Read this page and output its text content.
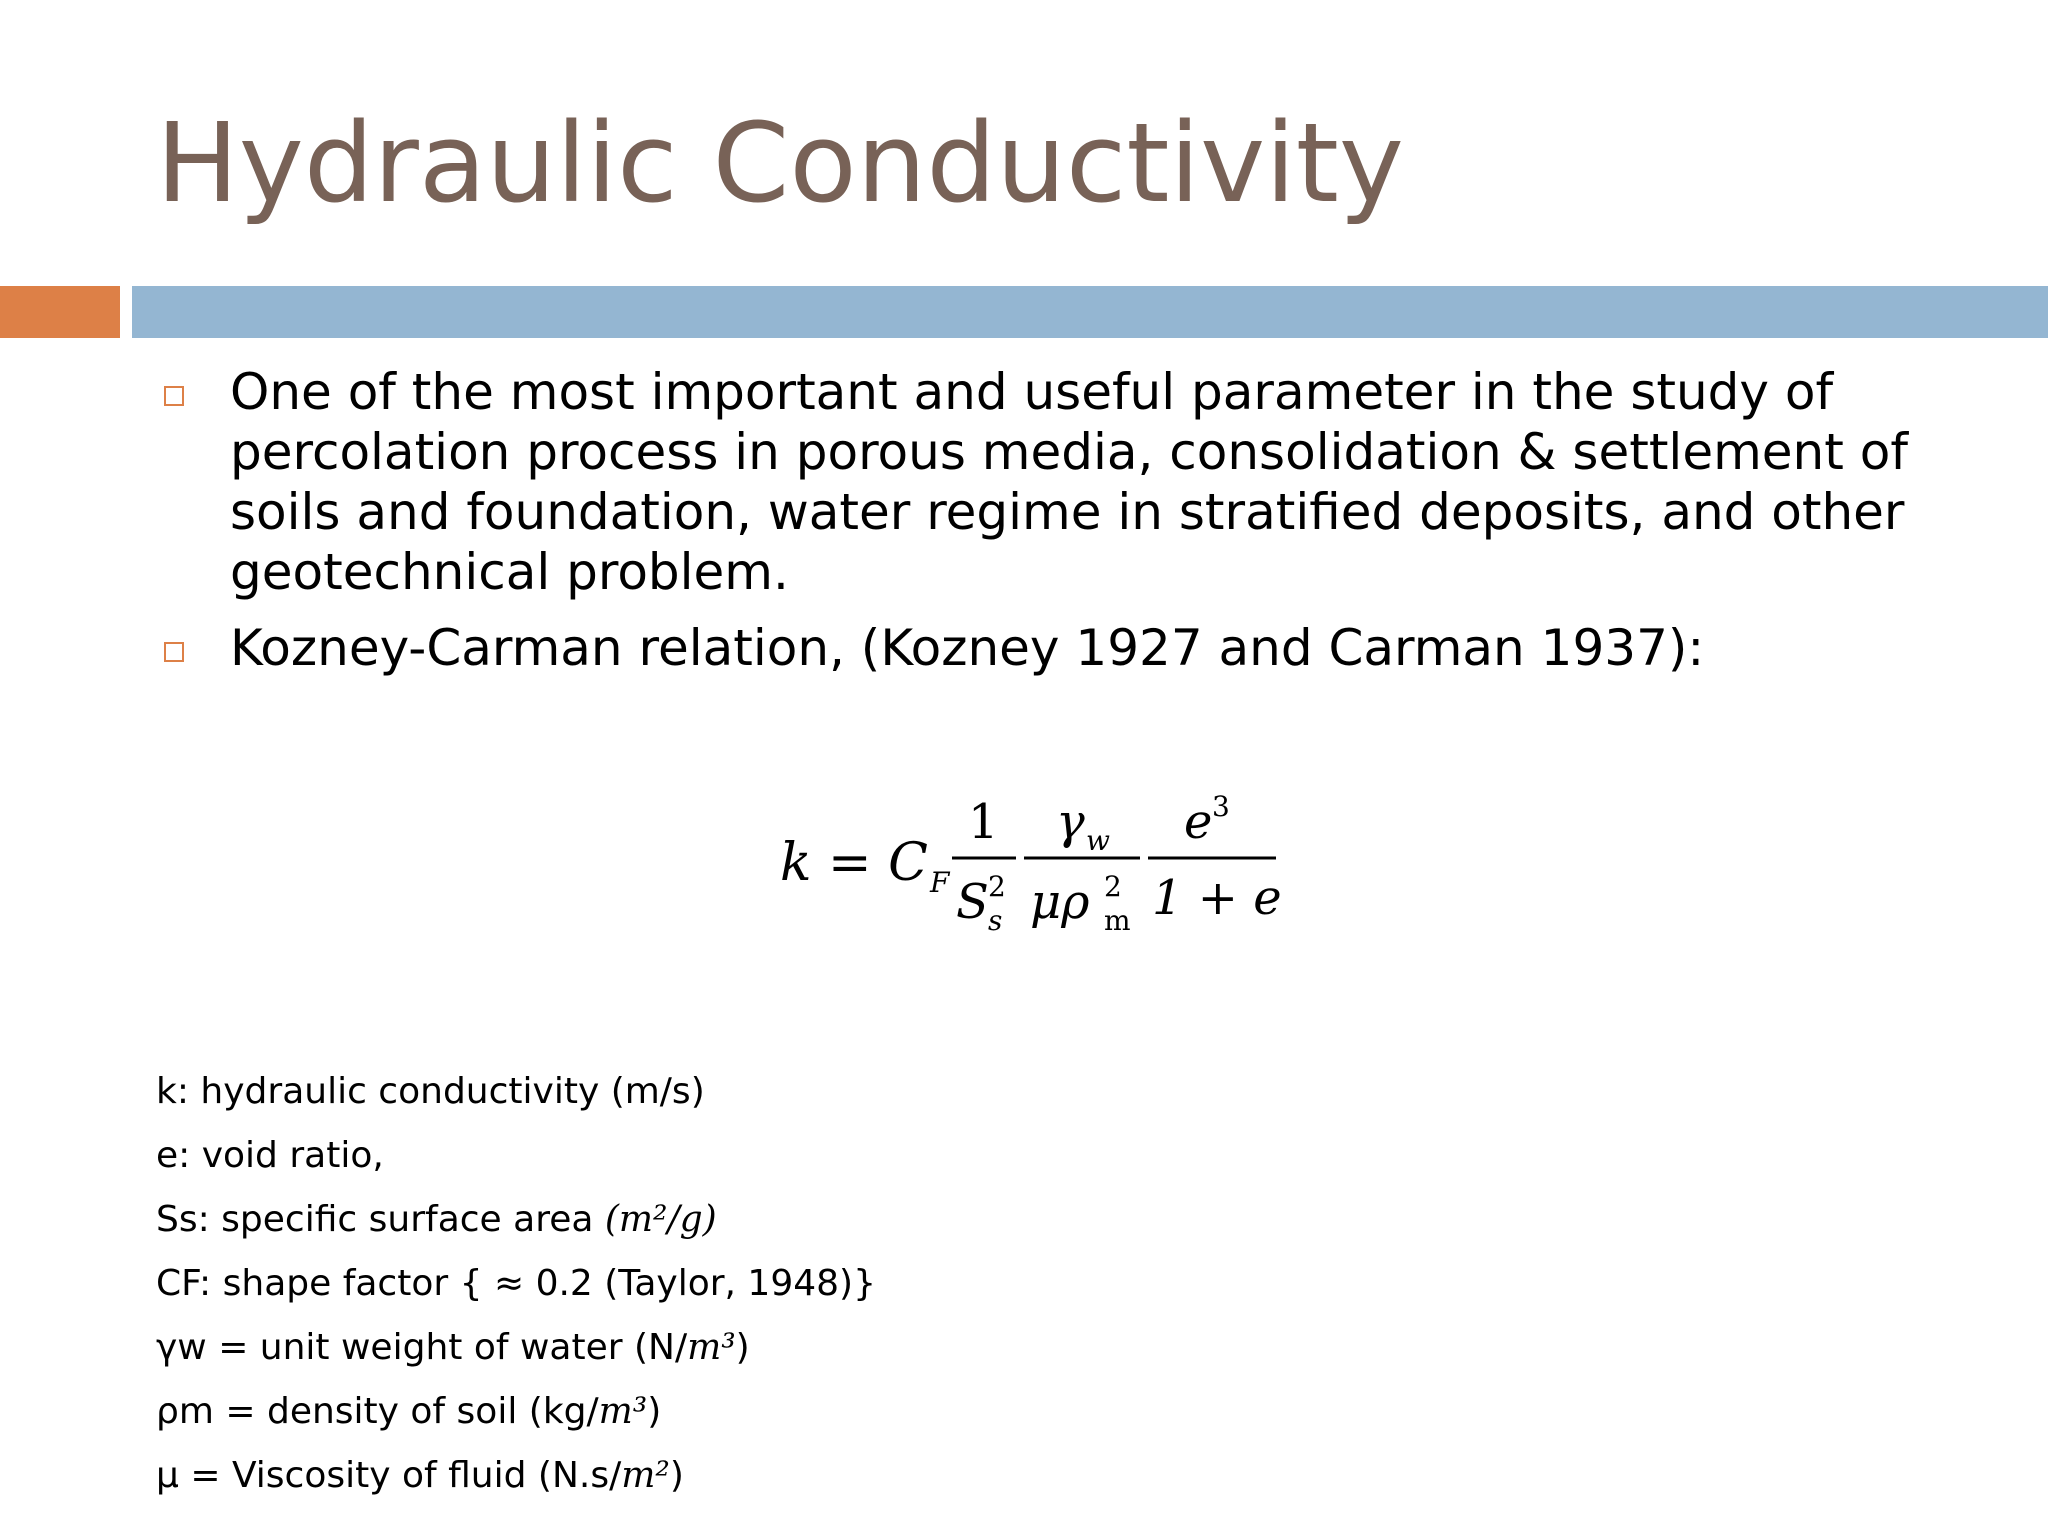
Hydraulic Conductivity
One of the most important and useful parameter in the study of percolation process in porous media, consolidation & settlement of soils and foundation, water regime in stratified deposits, and other geotechnical problem.
Kozney-Carman relation, (Kozney 1927 and Carman 1937):
k = C F
1
S 2
s
γ w
μρ 2
m
e 3
1 + e
k: hydraulic conductivity (m/s)
e: void ratio,
Ss: specific surface area (m²/g)
CF: shape factor { ≈ 0.2 (Taylor, 1948)}
γw = unit weight of water (N/m³)
ρm = density of soil (kg/m³)
μ = Viscosity of fluid (N.s/m²)
